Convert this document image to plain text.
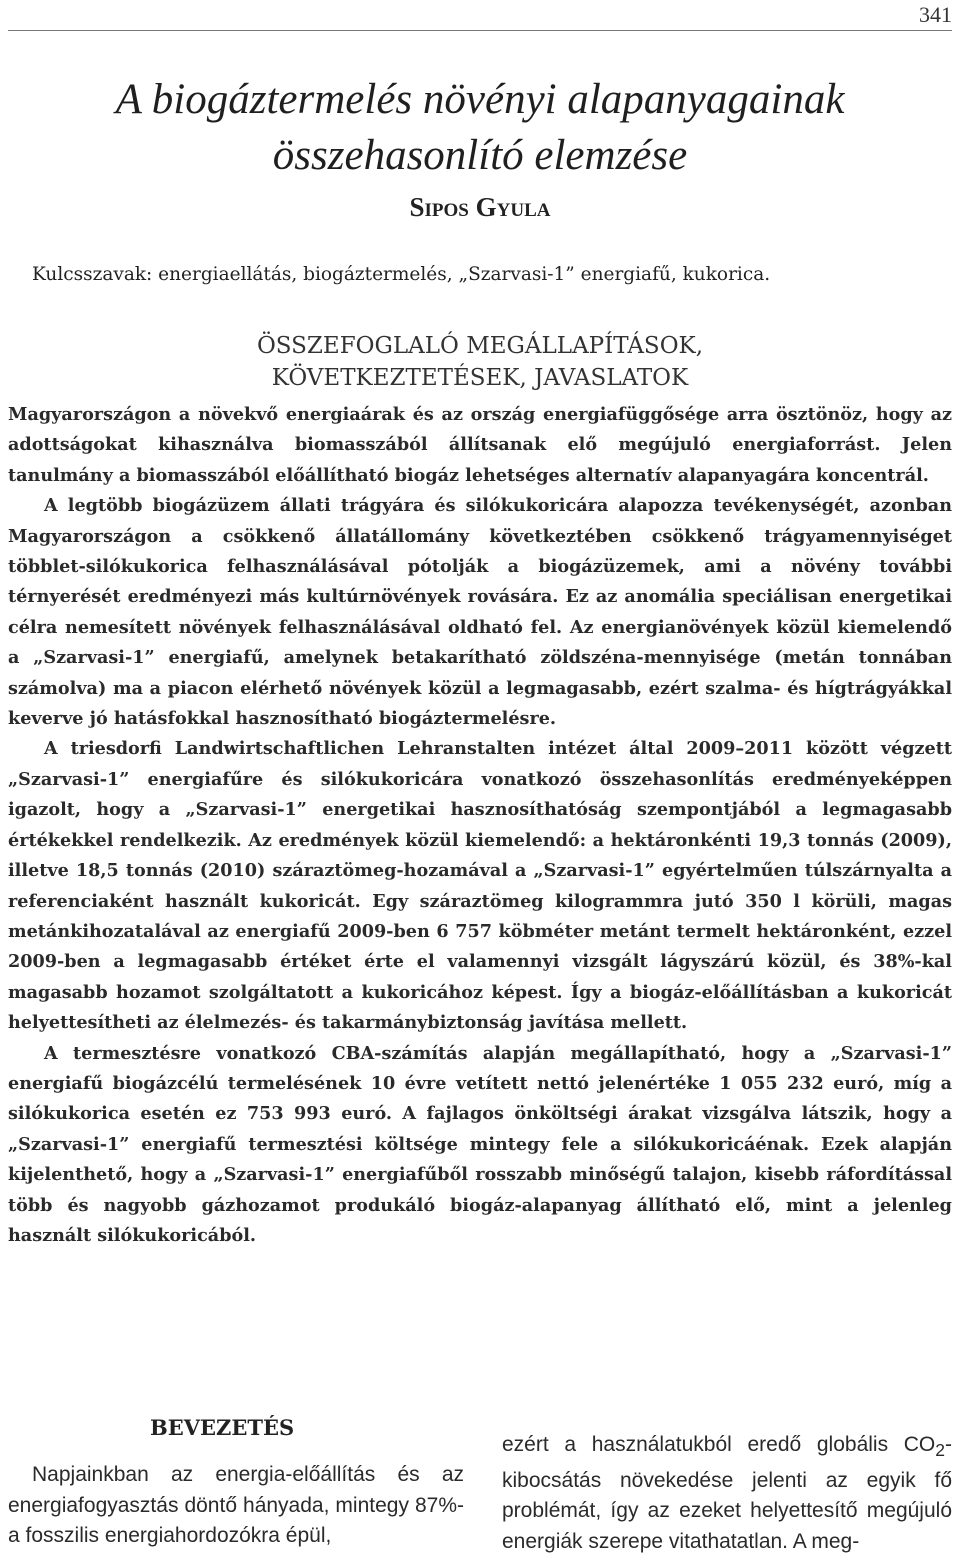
341
A biogáztermelés növényi alapanyagainak
összehasonlító elemzése
Sipos Gyula
Kulcsszavak: energiaellátás, biogáztermelés, „Szarvasi-1” energiafű, kukorica.
ÖSSZEFOGLALÓ MEGÁLLAPÍTÁSOK,
KÖVETKEZTETÉSEK, JAVASLATOK

Magyarországon a növekvő energiaárak és az ország energiafüggősége arra ösztönöz, hogy az adottságokat kihasználva biomasszából állítsanak elő megújuló energiaforrást. Jelen tanulmány a biomasszából előállítható biogáz lehetséges alternatív alapanyagára koncentrál.

A legtöbb biogázüzem állati trágyára és silókukoricára alapozza tevékenységét, azonban Magyarországon a csökkenő állatállomány következtében csökkenő trágyamennyiséget többlet-silókukorica felhasználásával pótolják a biogázüzemek, ami a növény további térnyerését eredményezi más kultúrnövények rovására. Ez az anomália speciálisan energetikai célra nemesített növények felhasználásával oldható fel. Az energianövények közül kiemelendő a „Szarvasi-1” energiafű, amelynek betakarítható zöldszéna-mennyisége (metán tonnában számolva) ma a piacon elérhető növények közül a legmagasabb, ezért szalma- és hígtrágyákkal keverve jó hatásfokkal hasznosítható biogáztermelésre.

A triesdorfi Landwirtschaftlichen Lehranstalten intézet által 2009–2011 között végzett „Szarvasi-1” energiafűre és silókukoricára vonatkozó összehasonlítás eredményeképpen igazolt, hogy a „Szarvasi-1” energetikai hasznosíthatóság szempontjából a legmagasabb értékekkel rendelkezik. Az eredmények közül kiemelendő: a hektáronkénti 19,3 tonnás (2009), illetve 18,5 tonnás (2010) száraztömeg-hozamával a „Szarvasi-1” egyértelműen túlszárnyalta a referenciaként használt kukoricát. Egy száraztömeg kilogrammra jutó 350 l körüli, magas metánkihozatalával az energiafű 2009-ben 6 757 köbméter metánt termelt hektáronként, ezzel 2009-ben a legmagasabb értéket érte el valamennyi vizsgált lágyszárú közül, és 38%-kal magasabb hozamot szolgáltatott a kukoricához képest. Így a biogáz-előállításban a kukoricát helyettesítheti az élelmezés- és takarmánybiztonság javítása mellett.

A termesztésre vonatkozó CBA-számítás alapján megállapítható, hogy a „Szarvasi-1” energiafű biogázcélú termelésének 10 évre vetített nettó jelenértéke 1 055 232 euró, míg a silókukorica esetén ez 753 993 euró. A fajlagos önköltségi árakat vizsgálva látszik, hogy a „Szarvasi-1” energiafű termesztési költsége mintegy fele a silókukoricáénak. Ezek alapján kijelenthető, hogy a „Szarvasi-1” energiafűből rosszabb minőségű talajon, kisebb ráfordítással több és nagyobb gázhozamot produkáló biogáz-alapanyag állítható elő, mint a jelenleg használt silókukoricából.

BEVEZETÉS

Napjainkban az energia-előállítás és az energiafogyasztás döntő hányada, mintegy 87%-a fosszilis energiahordozókra épül,

ezért a használatukból eredő globális $CO_2$-kibocsátás növekedése jelenti az egyik fő problémát, így az ezeket helyettesítő megújuló energiák szerepe vitathatatlan. A meg-
